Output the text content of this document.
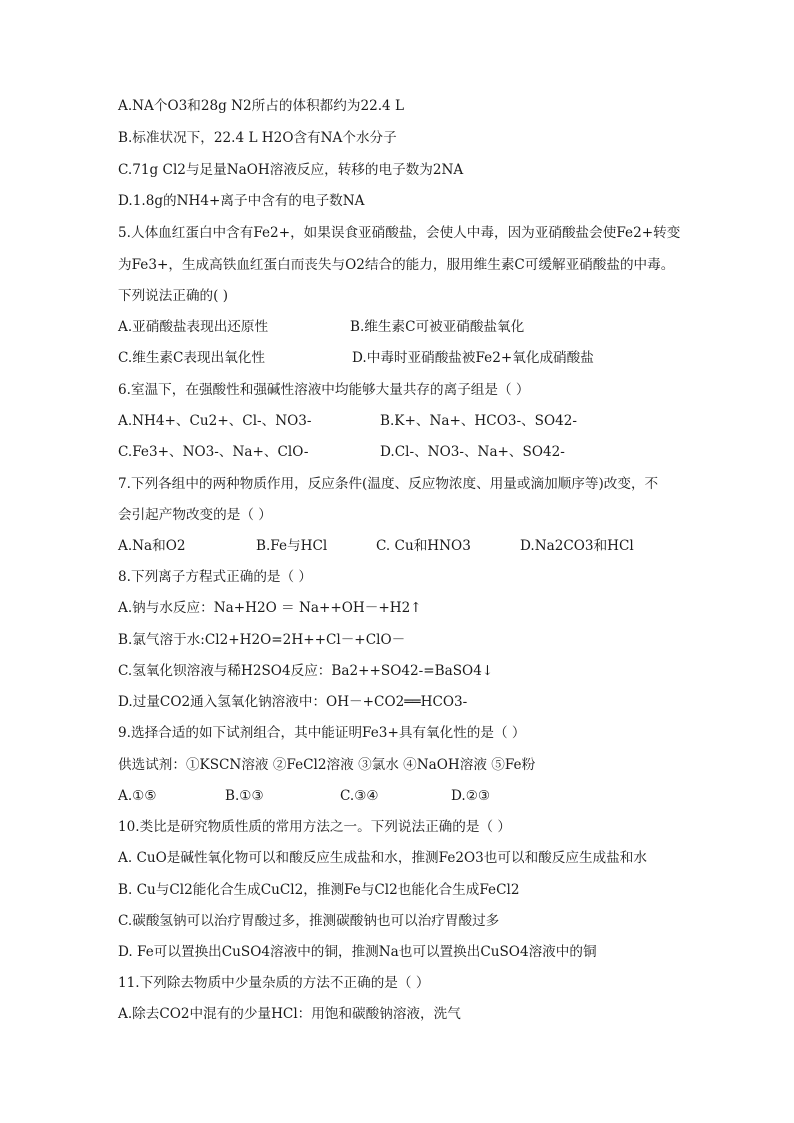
A.NA个O3和28g N2所占的体积都约为22.4 L
B.标准状况下，22.4 L H2O含有NA个水分子
C.71g Cl2与足量NaOH溶液反应，转移的电子数为2NA
D.1.8g的NH4+离子中含有的电子数NA
5.人体血红蛋白中含有Fe2+，如果误食亚硝酸盐，会使人中毒，因为亚硝酸盐会使Fe2+转变
为Fe3+，生成高铁血红蛋白而丧失与O2结合的能力，服用维生素C可缓解亚硝酸盐的中毒。
下列说法正确的( )
A.亚硝酸盐表现出还原性	B.维生素C可被亚硝酸盐氧化
C.维生素C表现出氧化性	D.中毒时亚硝酸盐被Fe2+氧化成硝酸盐
6.室温下，在强酸性和强碱性溶液中均能够大量共存的离子组是（ ）
A.NH4+、Cu2+、Cl-、NO3-	B.K+、Na+、HCO3-、SO42-
C.Fe3+、NO3-、Na+、ClO-	D.Cl-、NO3-、Na+、SO42-
7.下列各组中的两种物质作用，反应条件(温度、反应物浓度、用量或滴加顺序等)改变，不
会引起产物改变的是（ ）
A.Na和O2	B.Fe与HCl	C. Cu和HNO3	D.Na2CO3和HCl
8.下列离子方程式正确的是（ ）
A.钠与水反应：Na+H2O ＝ Na++OH－+H2↑
B.氯气溶于水:Cl2+H2O=2H++Cl－+ClO－
C.氢氧化钡溶液与稀H2SO4反应：Ba2++SO42-=BaSO4↓
D.过量CO2通入氢氧化钠溶液中：OH－+CO2══HCO3-
9.选择合适的如下试剂组合，其中能证明Fe3+具有氧化性的是（ ）
供选试剂：①KSCN溶液 ②FeCl2溶液 ③氯水 ④NaOH溶液 ⑤Fe粉
A.①⑤	B.①③	C.③④	D.②③
10.类比是研究物质性质的常用方法之一。下列说法正确的是（ ）
A. CuO是碱性氧化物可以和酸反应生成盐和水，推测Fe2O3也可以和酸反应生成盐和水
B. Cu与Cl2能化合生成CuCl2，推测Fe与Cl2也能化合生成FeCl2
C.碳酸氢钠可以治疗胃酸过多，推测碳酸钠也可以治疗胃酸过多
D. Fe可以置换出CuSO4溶液中的铜，推测Na也可以置换出CuSO4溶液中的铜
11.下列除去物质中少量杂质的方法不正确的是（ ）
A.除去CO2中混有的少量HCl：用饱和碳酸钠溶液，洗气
